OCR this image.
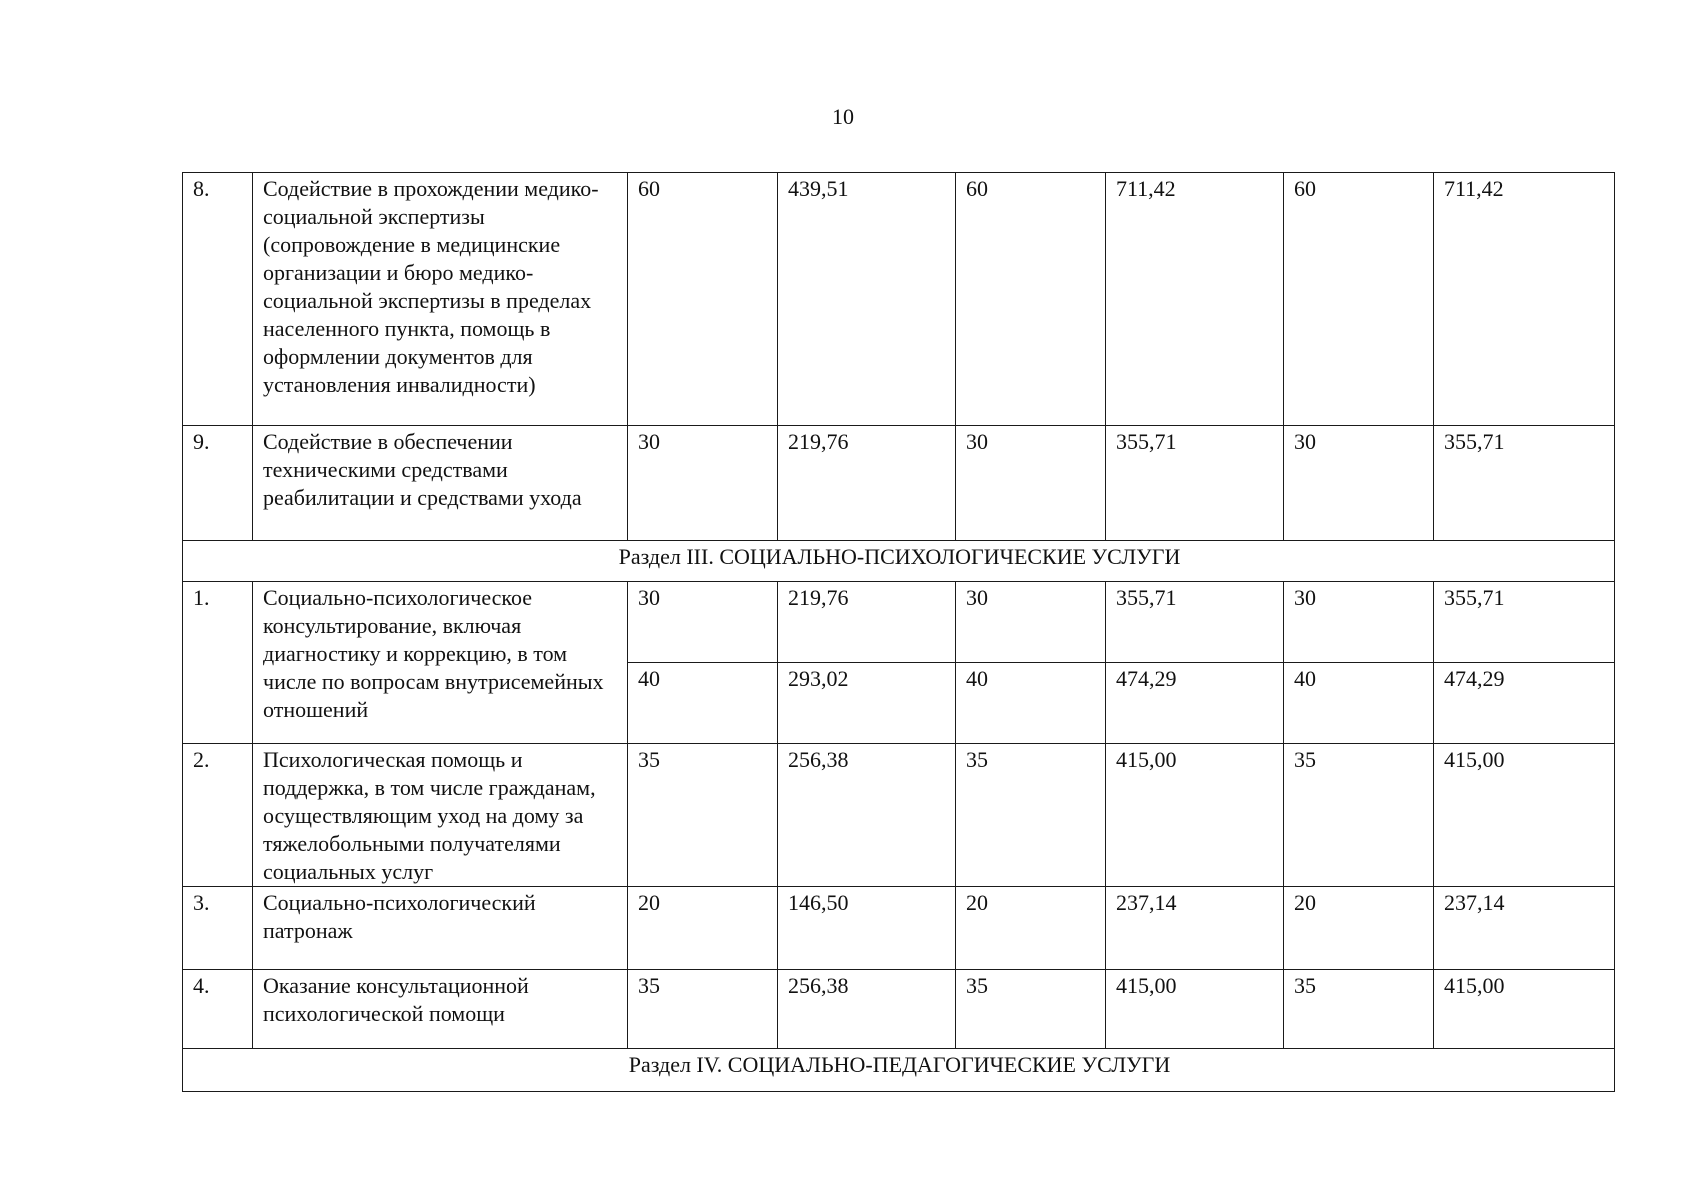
10
8.	Содействие в прохождении медико-социальной экспертизы (сопровождение в медицинские организации и бюро медико-социальной экспертизы в пределах населенного пункта, помощь в оформлении документов для установления инвалидности)	60	439,51	60	711,42	60	711,42
9.	Содействие в обеспечении техническими средствами реабилитации и средствами ухода	30	219,76	30	355,71	30	355,71
Раздел III. СОЦИАЛЬНО-ПСИХОЛОГИЧЕСКИЕ УСЛУГИ							
1.	Социально-психологическое консультирование, включая диагностику и коррекцию, в том числе по вопросам внутрисемейных отношений	30	219,76	30	355,71	30	355,71
		40	293,02	40	474,29	40	474,29
2.	Психологическая помощь и поддержка, в том числе гражданам, осуществляющим уход на дому за тяжелобольными получателями социальных услуг	35	256,38	35	415,00	35	415,00
3.	Социально-психологический патронаж	20	146,50	20	237,14	20	237,14
4.	Оказание консультационной психологической помощи	35	256,38	35	415,00	35	415,00
Раздел IV. СОЦИАЛЬНО-ПЕДАГОГИЧЕСКИЕ УСЛУГИ							
